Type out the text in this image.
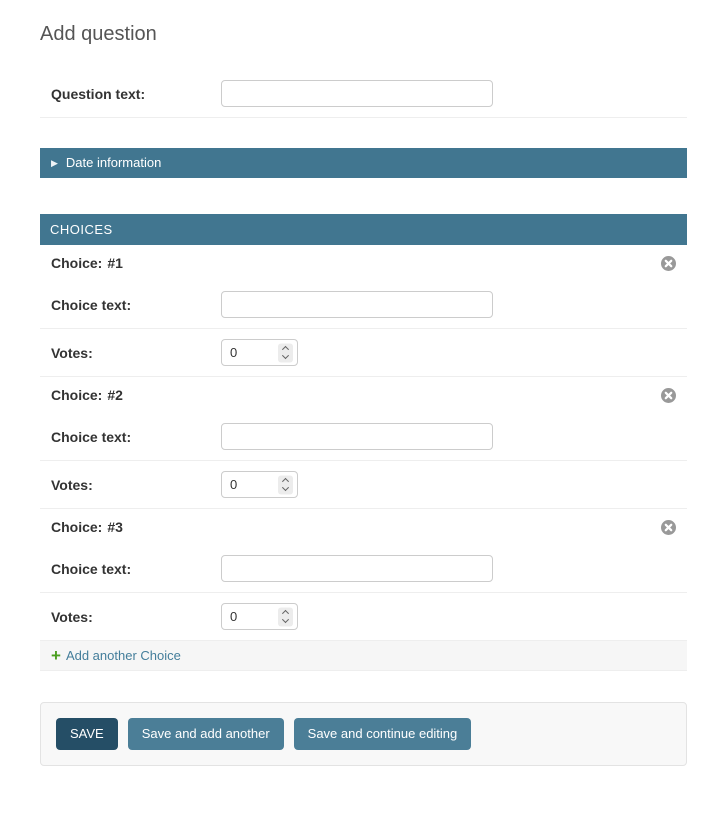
Add question
Question text:
▶ Date information
CHOICES
Choice: #1
Choice text:
Votes:
0
Choice: #2
Choice text:
Votes:
0
Choice: #3
Choice text:
Votes:
0
+ Add another Choice
SAVE	Save and add another	Save and continue editing
